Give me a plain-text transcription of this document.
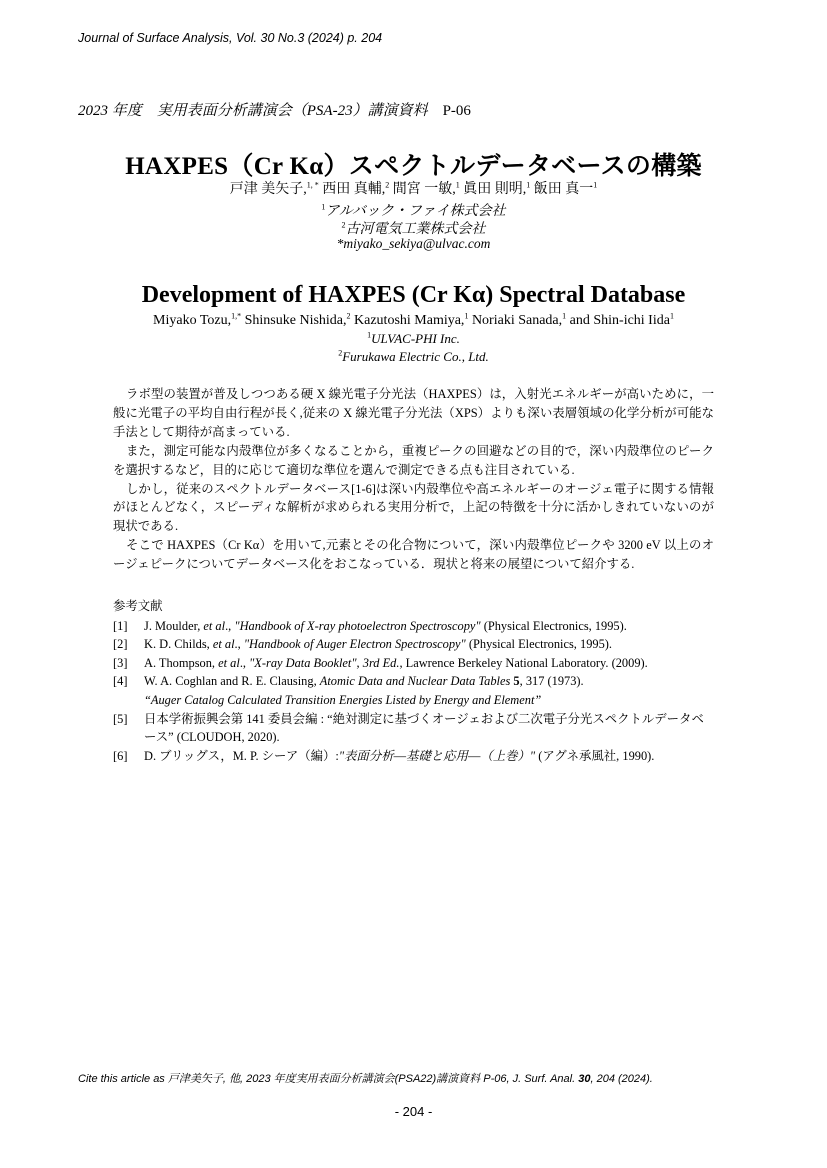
Journal of Surface Analysis, Vol. 30 No.3 (2024) p. 204
2023 年度　実用表面分析講演会（PSA-23）講演資料　 P-06
HAXPES（Cr Kα）スペクトルデータベースの構築
戸津 美矢子,$^{1, *}$ 西田 真輔,$^2$ 間宮 一敏,$^1$ 眞田 則明,$^1$ 飯田 真一$^1$
$^1$アルバック・ファイ株式会社
$^2$古河電気工業株式会社
*miyako_sekiya@ulvac.com
Development of HAXPES (Cr Kα) Spectral Database
Miyako Tozu,$^{1,*}$ Shinsuke Nishida,$^2$ Kazutoshi Mamiya,$^1$ Noriaki Sanada,$^1$ and Shin-ichi Iida$^1$
$^1$ULVAC-PHI Inc.
$^2$Furukawa Electric Co., Ltd.

ラボ型の装置が普及しつつある硬 X 線光電子分光法（HAXPES）は，入射光エネルギーが高いために，一般に光電子の平均自由行程が長く,従来の X 線光電子分光法（XPS）よりも深い表層領域の化学分析が可能な手法として期待が高まっている.

また，測定可能な内殻準位が多くなることから，重複ピークの回避などの目的で，深い内殻準位のピークを選択するなど，目的に応じて適切な準位を選んで測定できる点も注目されている.

しかし，従来のスペクトルデータベース[1-6]は深い内殻準位や高エネルギーのオージェ電子に関する情報がほとんどなく，スピーディな解析が求められる実用分析で，上記の特徴を十分に活かしきれていないのが現状である.

そこで HAXPES（Cr Kα）を用いて,元素とその化合物について，深い内殻準位ピークや 3200 eV 以上のオージェピークについてデータベース化をおこなっている．現状と将来の展望について紹介する.

参考文献
[1]	J. Moulder, et al., "Handbook of X-ray photoelectron Spectroscopy" (Physical Electronics, 1995).
[2]	K. D. Childs, et al., "Handbook of Auger Electron Spectroscopy" (Physical Electronics, 1995).
[3]	A. Thompson, et al., "X-ray Data Booklet", 3rd Ed., Lawrence Berkeley National Laboratory. (2009).
[4]	W. A. Coghlan and R. E. Clausing, Atomic Data and Nuclear Data Tables 5, 317 (1973).
“Auger Catalog Calculated Transition Energies Listed by Energy and Element”
[5]	日本学術振興会第 141 委員会編 : “絶対測定に基づくオージェおよび二次電子分光スペクトルデータベース” (CLOUDOH, 2020).
[6]	D. ブリッグス，M. P. シーア（編）:"表面分析―基礎と応用―（上巻）" (アグネ承風社, 1990).
Cite this article as 戸津美矢子, 他, 2023 年度実用表面分析講演会(PSA22)講演資料 P-06, J. Surf. Anal. 30, 204 (2024).
- 204 -
